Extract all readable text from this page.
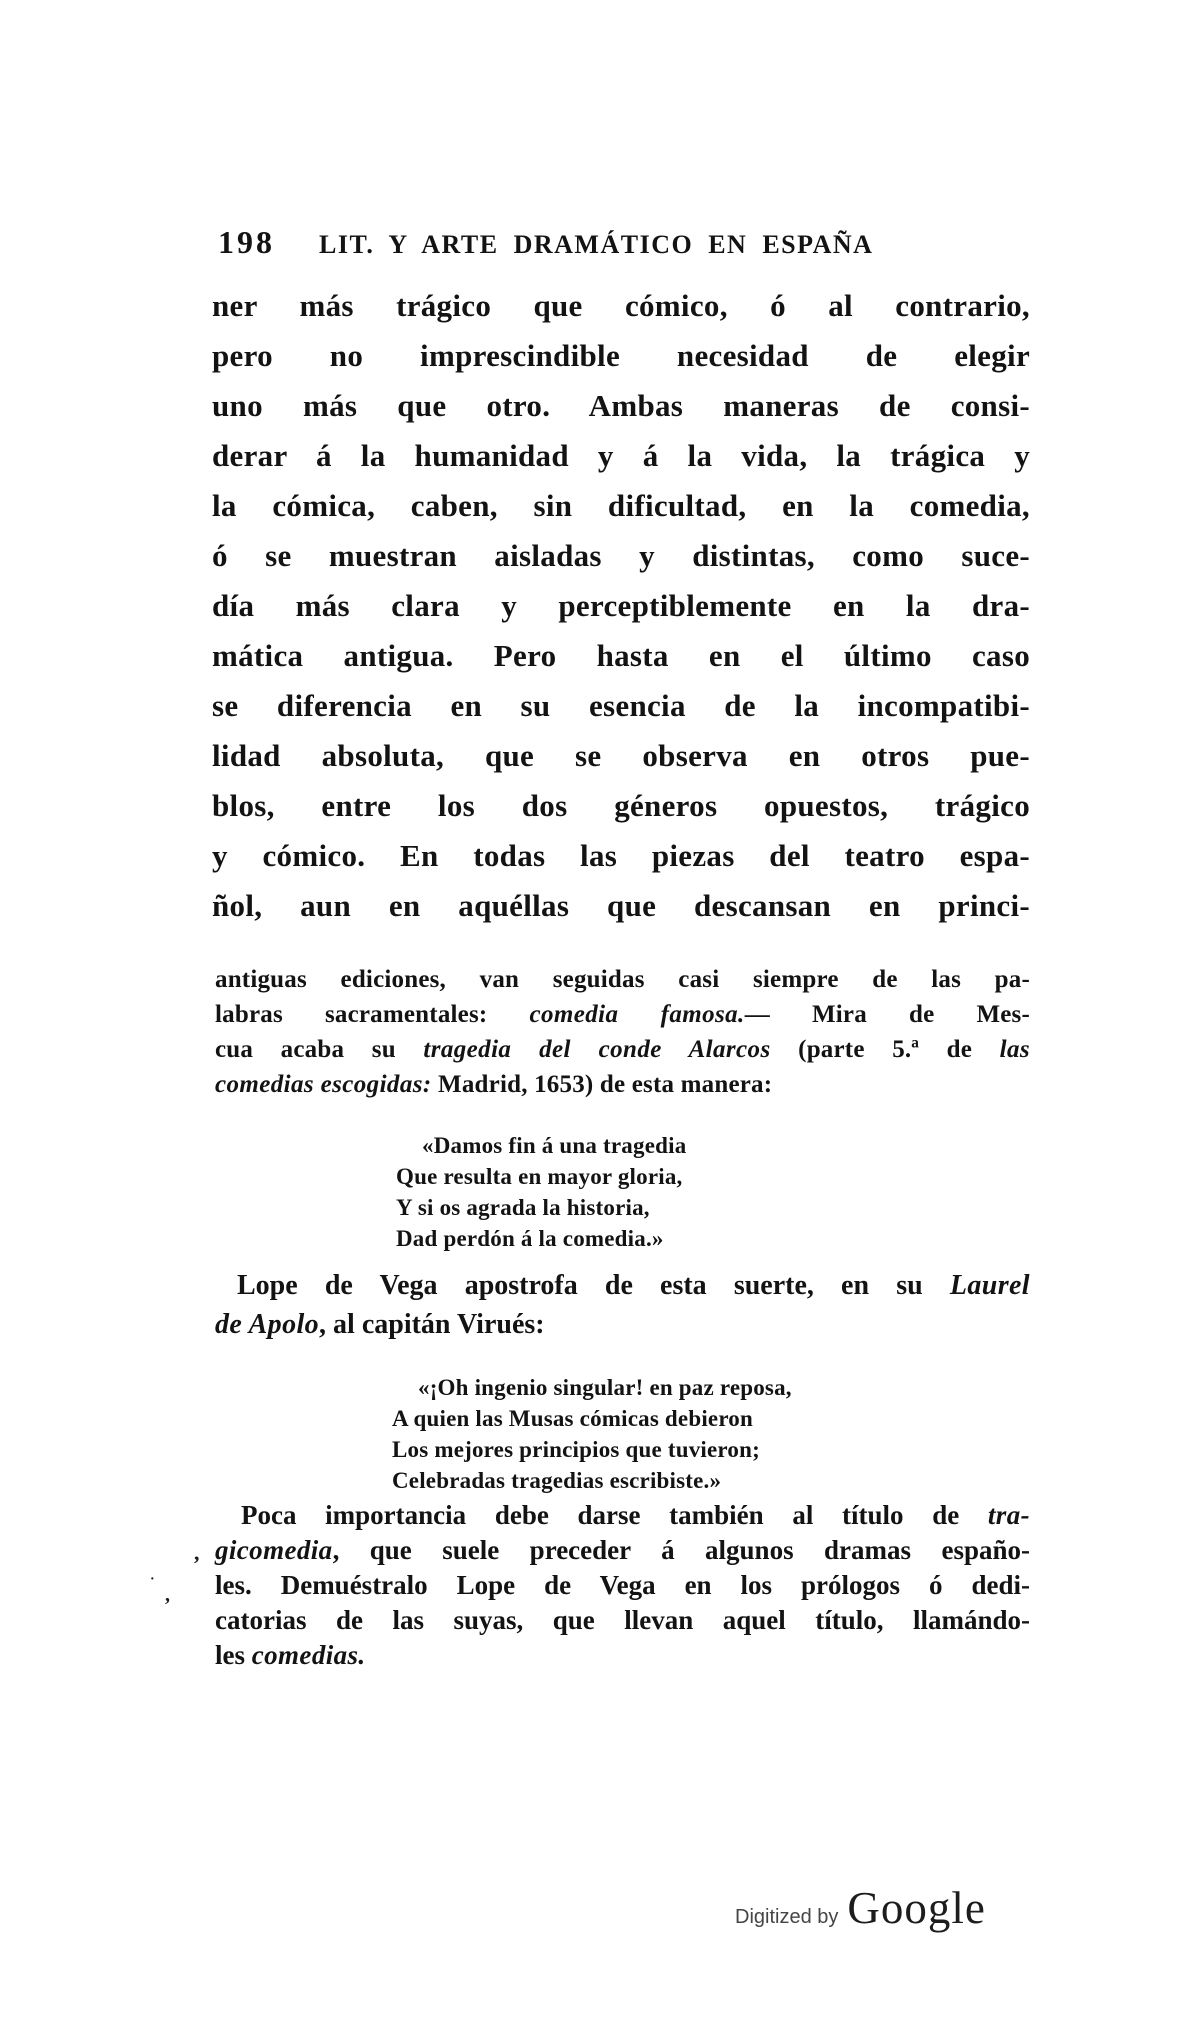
198 LIT. Y ARTE DRAMÁTICO EN ESPAÑA
ner más trágico que cómico, ó al contrario,
pero no imprescindible necesidad de elegir
uno más que otro. Ambas maneras de consi-
derar á la humanidad y á la vida, la trágica y
la cómica, caben, sin dificultad, en la comedia,
ó se muestran aisladas y distintas, como suce-
día más clara y perceptiblemente en la dra-
mática antigua. Pero hasta en el último caso
se diferencia en su esencia de la incompatibi-
lidad absoluta, que se observa en otros pue-
blos, entre los dos géneros opuestos, trágico
y cómico. En todas las piezas del teatro espa-
ñol, aun en aquéllas que descansan en princi-
antiguas ediciones, van seguidas casi siempre de las pa-
labras sacramentales: comedia famosa.— Mira de Mes-
cua acaba su tragedia del conde Alarcos (parte 5.ª de las
comedias escogidas: Madrid, 1653) de esta manera:
«Damos fin á una tragedia
Que resulta en mayor gloria,
Y si os agrada la historia,
Dad perdón á la comedia.»
Lope de Vega apostrofa de esta suerte, en su Laurel
de Apolo, al capitán Virués:
«¡Oh ingenio singular! en paz reposa,
A quien las Musas cómicas debieron
Los mejores principios que tuvieron;
Celebradas tragedias escribiste.»
Poca importancia debe darse también al título de tra-
gicomedia, que suele preceder á algunos dramas españo-
les. Demuéstralo Lope de Vega en los prólogos ó dedi-
catorias de las suyas, que llevan aquel título, llamándo-
les comedias.
‚
·
’
Digitized by Google
